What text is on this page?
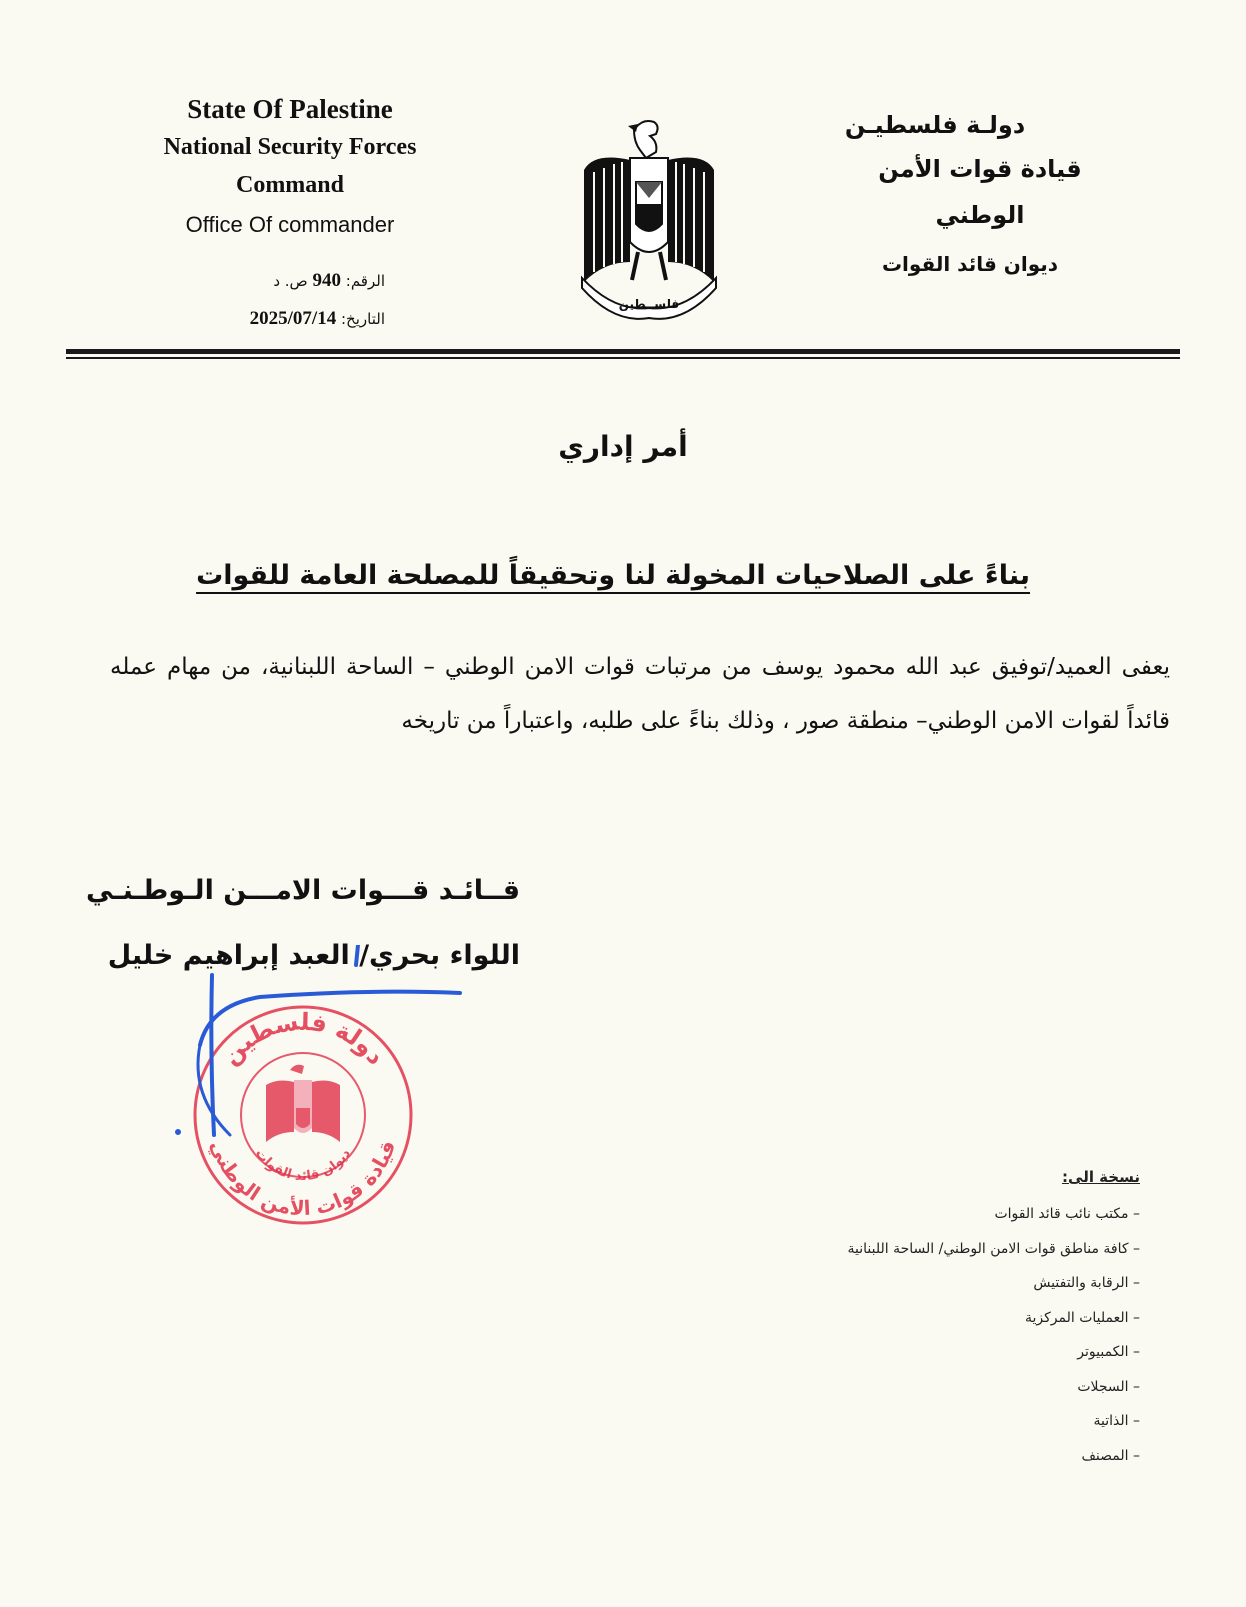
State Of Palestine
National Security Forces
Command
Office Of commander
الرقم: 940 ص. د
التاريخ: 2025/07/14
فلســطين
دولـة فلسطيـن
قيادة قوات الأمن الوطني
ديوان قائد القوات
أمر إداري
بناءً على الصلاحيات المخولة لنا وتحقيقاً للمصلحة العامة للقوات
يعفى العميد/توفيق عبد الله محمود يوسف من مرتبات قوات الامن الوطني – الساحة اللبنانية، من مهام عمله قائداً لقوات الامن الوطني– منطقة صور ، وذلك بناءً على طلبه، واعتباراً من تاريخه
قــائـد قـــوات الامـــن الـوطـنـي
اللواء بحري/ العبد إبراهيم خليل
دولة فلسطين
قيادة قوات الأمن الوطني
ديوان قائد القوات
نسخة الى:
– مكتب نائب قائد القوات
– كافة مناطق قوات الامن الوطني/ الساحة اللبنانية
– الرقابة والتفتيش
– العمليات المركزية
– الكمبيوتر
– السجلات
– الذاتية
– المصنف
